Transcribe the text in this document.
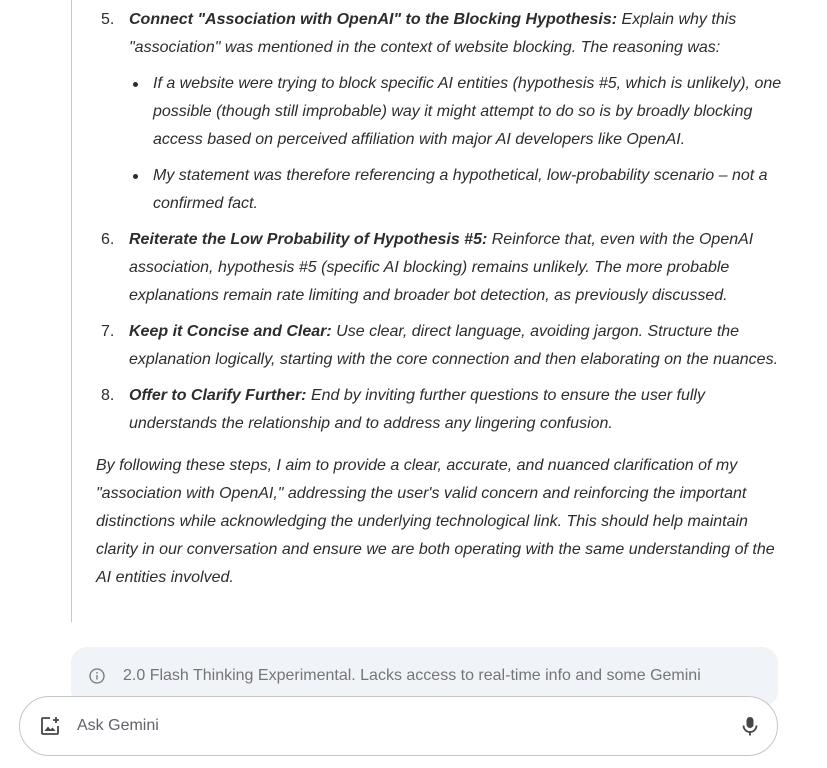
5. Connect "Association with OpenAI" to the Blocking Hypothesis: Explain why this "association" was mentioned in the context of website blocking. The reasoning was:
If a website were trying to block specific AI entities (hypothesis #5, which is unlikely), one possible (though still improbable) way it might attempt to do so is by broadly blocking access based on perceived affiliation with major AI developers like OpenAI.
My statement was therefore referencing a hypothetical, low-probability scenario – not a confirmed fact.
6. Reiterate the Low Probability of Hypothesis #5: Reinforce that, even with the OpenAI association, hypothesis #5 (specific AI blocking) remains unlikely. The more probable explanations remain rate limiting and broader bot detection, as previously discussed.
7. Keep it Concise and Clear: Use clear, direct language, avoiding jargon. Structure the explanation logically, starting with the core connection and then elaborating on the nuances.
8. Offer to Clarify Further: End by inviting further questions to ensure the user fully understands the relationship and to address any lingering confusion.

By following these steps, I aim to provide a clear, accurate, and nuanced clarification of my "association with OpenAI," addressing the user's valid concern and reinforcing the important distinctions while acknowledging the underlying technological link. This should help maintain clarity in our conversation and ensure we are both operating with the same understanding of the AI entities involved.

2.0 Flash Thinking Experimental. Lacks access to real-time info and some Gemini
Ask Gemini
